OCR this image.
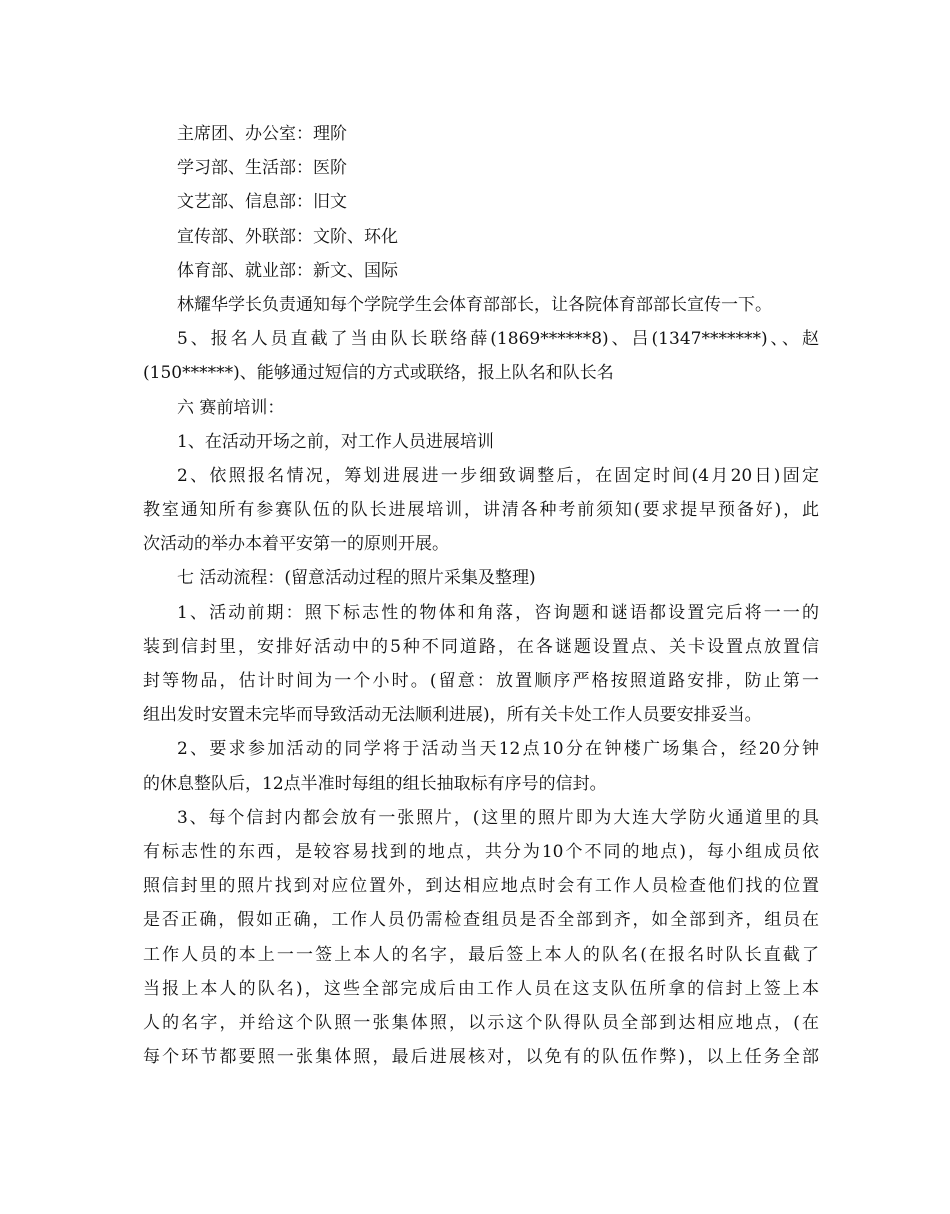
主席团、办公室：理阶
学习部、生活部：医阶
文艺部、信息部：旧文
宣传部、外联部：文阶、环化
体育部、就业部：新文、国际
林耀华学长负责通知每个学院学生会体育部部长，让各院体育部部长宣传一下。
5、报名人员直截了当由队长联络薛(1869******8)、吕(1347*******)、、赵
(150******)、能够通过短信的方式或联络，报上队名和队长名
六 赛前培训：
1、在活动开场之前，对工作人员进展培训
2、依照报名情况，筹划进展进一步细致调整后，在固定时间(4月20日)固定
教室通知所有参赛队伍的队长进展培训，讲清各种考前须知(要求提早预备好)，此
次活动的举办本着平安第一的原则开展。
七 活动流程：(留意活动过程的照片采集及整理)
1、活动前期：照下标志性的物体和角落，咨询题和谜语都设置完后将一一的
装到信封里，安排好活动中的5种不同道路，在各谜题设置点、关卡设置点放置信
封等物品，估计时间为一个小时。(留意：放置顺序严格按照道路安排，防止第一
组出发时安置未完毕而导致活动无法顺利进展)，所有关卡处工作人员要安排妥当。
2、要求参加活动的同学将于活动当天12点10分在钟楼广场集合，经20分钟
的休息整队后，12点半准时每组的组长抽取标有序号的信封。
3、每个信封内都会放有一张照片，(这里的照片即为大连大学防火通道里的具
有标志性的东西，是较容易找到的地点，共分为10个不同的地点)，每小组成员依
照信封里的照片找到对应位置外，到达相应地点时会有工作人员检查他们找的位置
是否正确，假如正确，工作人员仍需检查组员是否全部到齐，如全部到齐，组员在
工作人员的本上一一签上本人的名字，最后签上本人的队名(在报名时队长直截了
当报上本人的队名)，这些全部完成后由工作人员在这支队伍所拿的信封上签上本
人的名字，并给这个队照一张集体照，以示这个队得队员全部到达相应地点，(在
每个环节都要照一张集体照，最后进展核对，以免有的队伍作弊)，以上任务全部
